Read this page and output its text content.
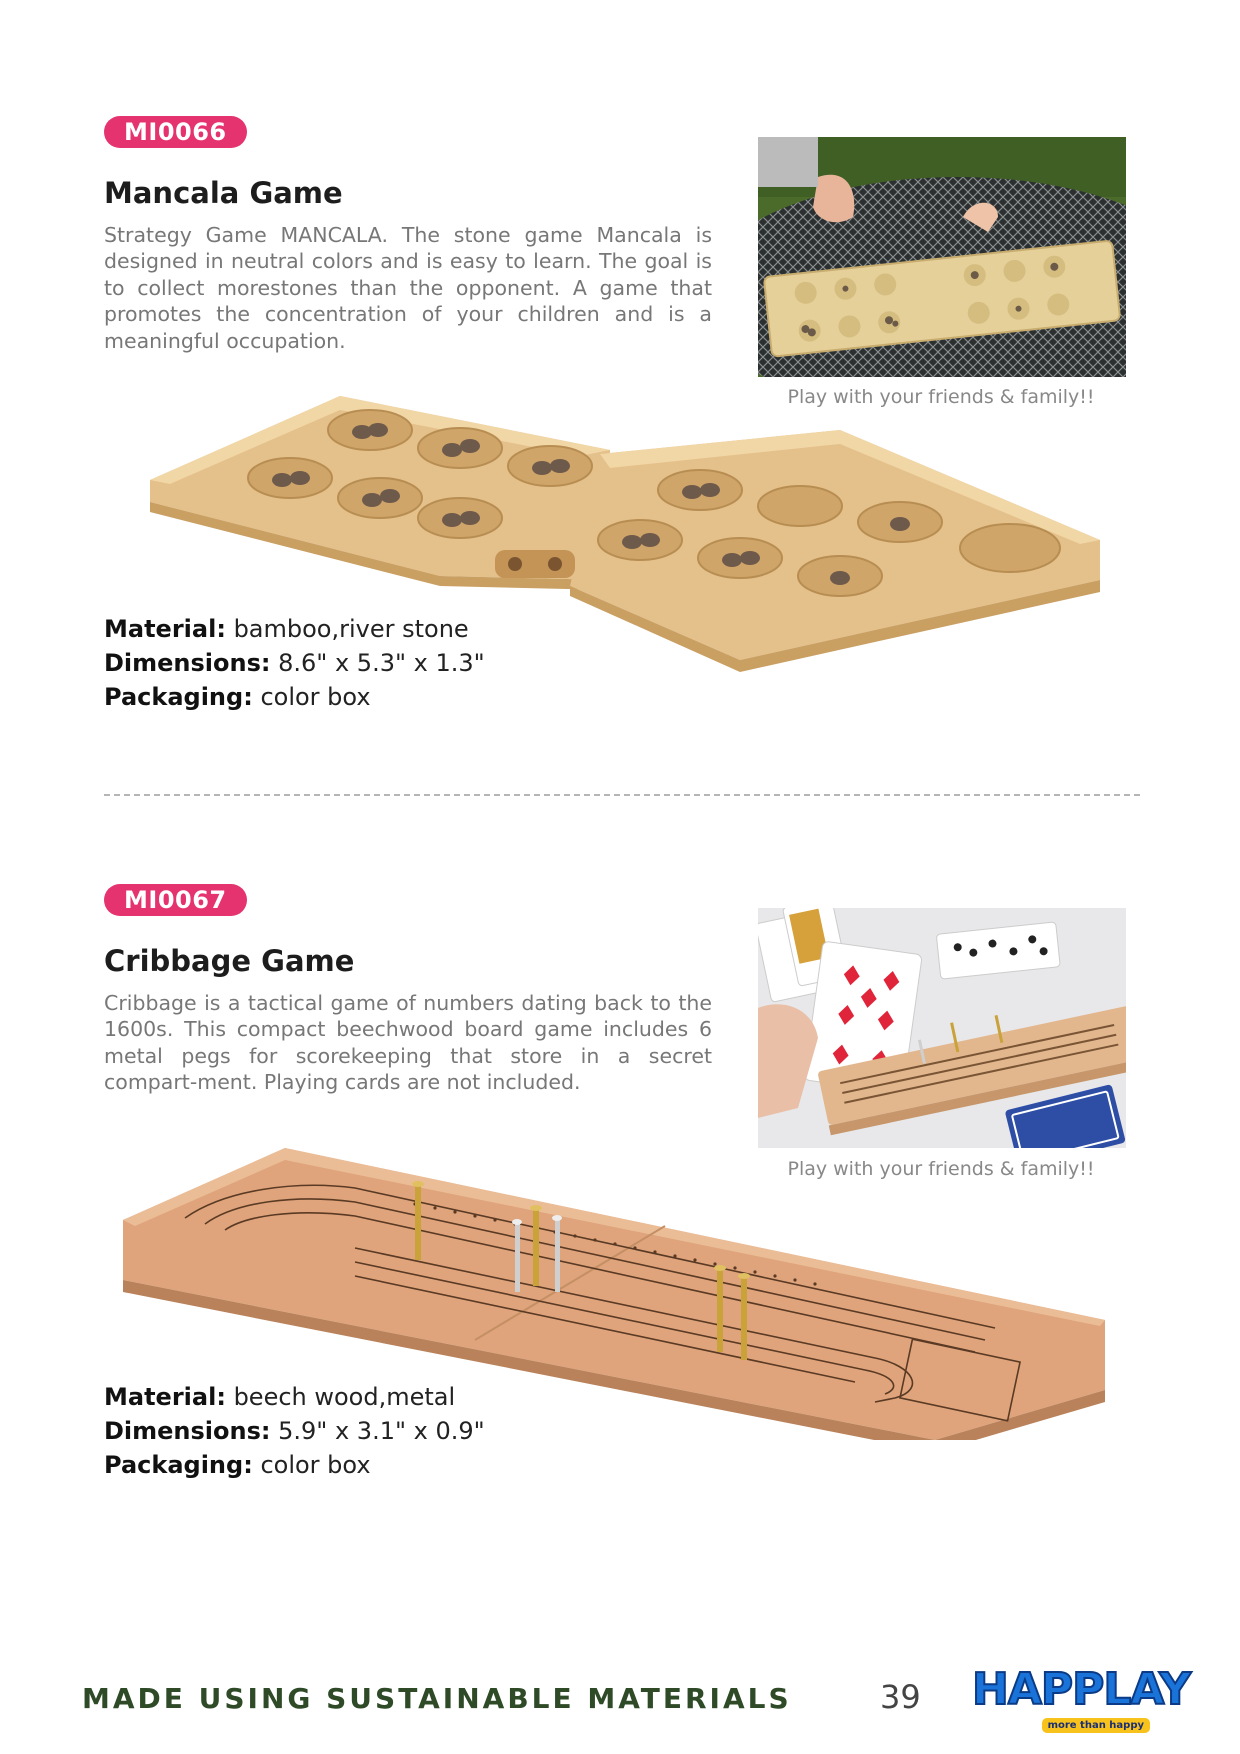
MI0066
Mancala Game

Strategy Game MANCALA. The stone game Mancala is designed in neutral colors and is easy to learn. The goal is to collect morestones than the opponent. A game that promotes the concentration of your children and is a meaningful occupation.

Play with your friends & family!!
Material: bamboo,river stone
Dimensions: 8.6" x 5.3" x 1.3"
Packaging: color box
MI0067
Cribbage Game

Cribbage is a tactical game of numbers dating back to the 1600s. This compact beechwood board game includes 6 metal pegs for scorekeeping that store in a secret compart-ment. Playing cards are not included.

Play with your friends & family!!
Material: beech wood,metal
Dimensions: 5.9" x 3.1" x 0.9"
Packaging: color box
MADE USING SUSTAINABLE MATERIALS	39 HAPPLAY
more than happy
